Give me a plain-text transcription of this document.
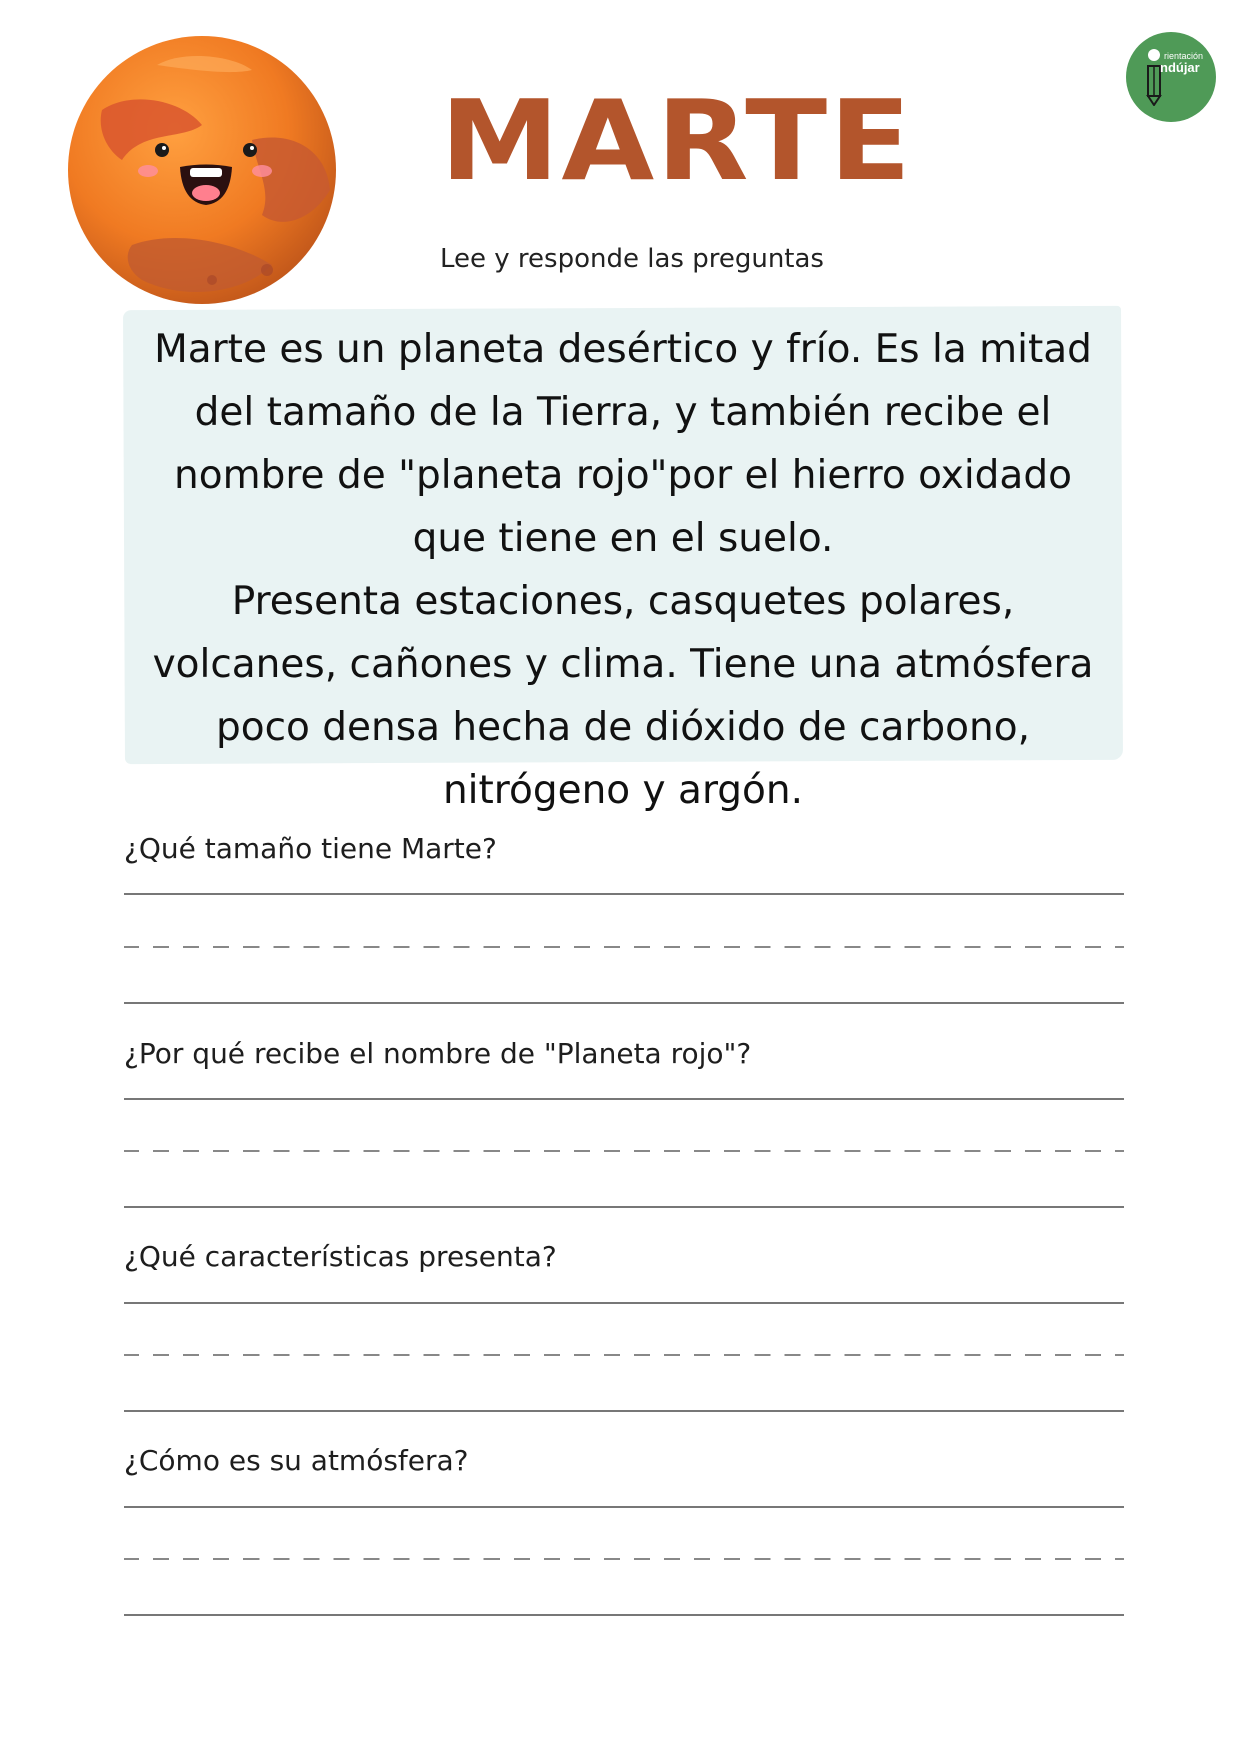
rientación
ndújar
MARTE
Lee y responde las preguntas

Marte es un planeta desértico y frío. Es la mitad del tamaño de la Tierra, y también recibe el nombre de "planeta rojo"por el hierro oxidado que tiene en el suelo.

Presenta estaciones, casquetes polares, volcanes, cañones y clima. Tiene una atmósfera poco densa hecha de dióxido de carbono, nitrógeno y argón.

¿Qué tamaño tiene Marte?
¿Por qué recibe el nombre de "Planeta rojo"?
¿Qué características presenta?
¿Cómo es su atmósfera?
